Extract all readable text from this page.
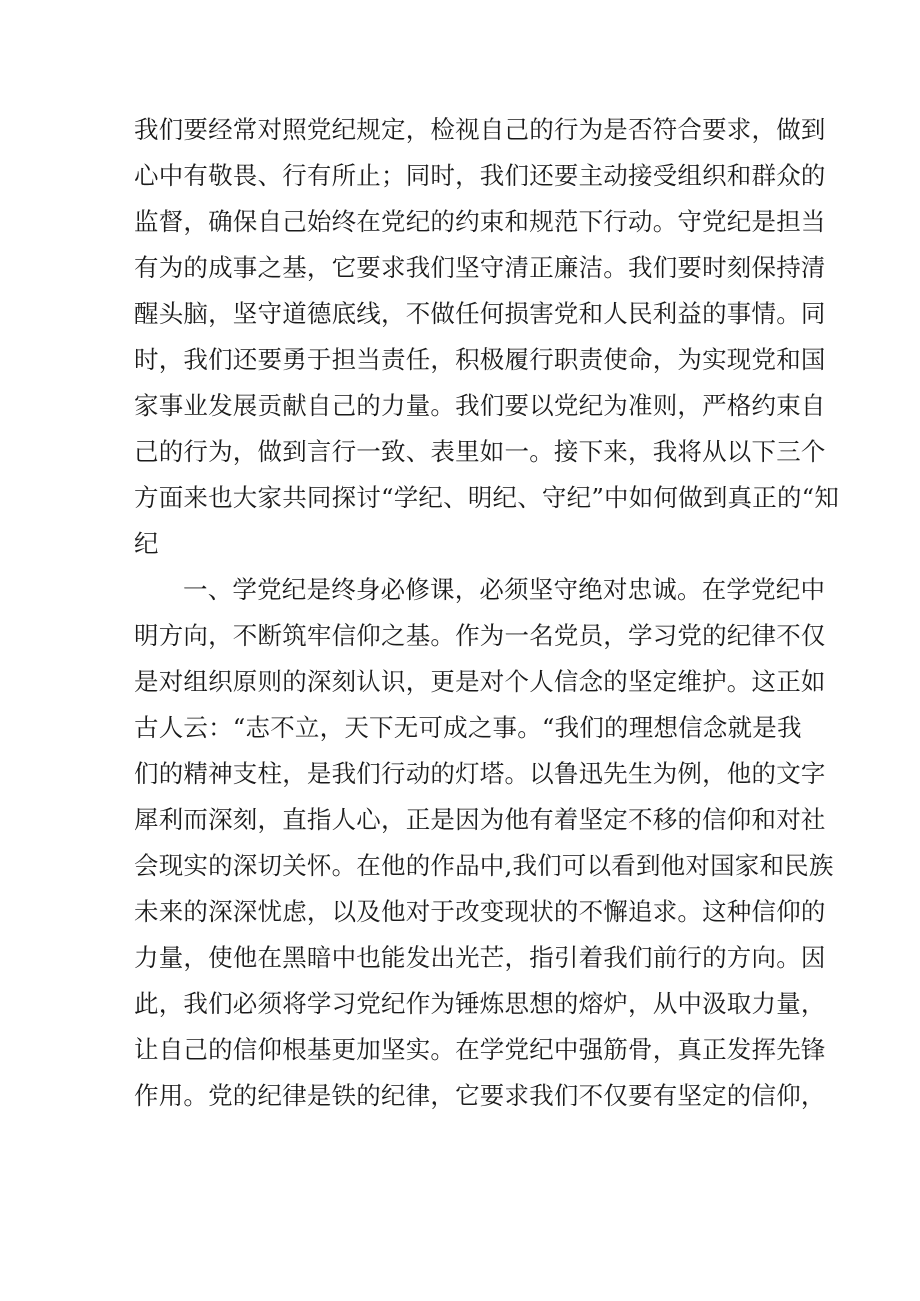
我们要经常对照党纪规定，检视自己的行为是否符合要求，做到
心中有敬畏、行有所止；同时，我们还要主动接受组织和群众的
监督，确保自己始终在党纪的约束和规范下行动。守党纪是担当
有为的成事之基，它要求我们坚守清正廉洁。我们要时刻保持清
醒头脑，坚守道德底线，不做任何损害党和人民利益的事情。同
时，我们还要勇于担当责任，积极履行职责使命，为实现党和国
家事业发展贡献自己的力量。我们要以党纪为准则，严格约束自
己的行为，做到言行一致、表里如一。接下来，我将从以下三个
方面来也大家共同探讨“学纪、明纪、守纪”中如何做到真正的“知
纪
一、学党纪是终身必修课，必须坚守绝对忠诚。在学党纪中
明方向，不断筑牢信仰之基。作为一名党员，学习党的纪律不仅
是对组织原则的深刻认识，更是对个人信念的坚定维护。这正如
古人云：“志不立，天下无可成之事。“我们的理想信念就是我
们的精神支柱，是我们行动的灯塔。以鲁迅先生为例，他的文字
犀利而深刻，直指人心，正是因为他有着坚定不移的信仰和对社
会现实的深切关怀。在他的作品中,我们可以看到他对国家和民族
未来的深深忧虑，以及他对于改变现状的不懈追求。这种信仰的
力量，使他在黑暗中也能发出光芒，指引着我们前行的方向。因
此，我们必须将学习党纪作为锤炼思想的熔炉，从中汲取力量，
让自己的信仰根基更加坚实。在学党纪中强筋骨，真正发挥先锋
作用。党的纪律是铁的纪律，它要求我们不仅要有坚定的信仰，
